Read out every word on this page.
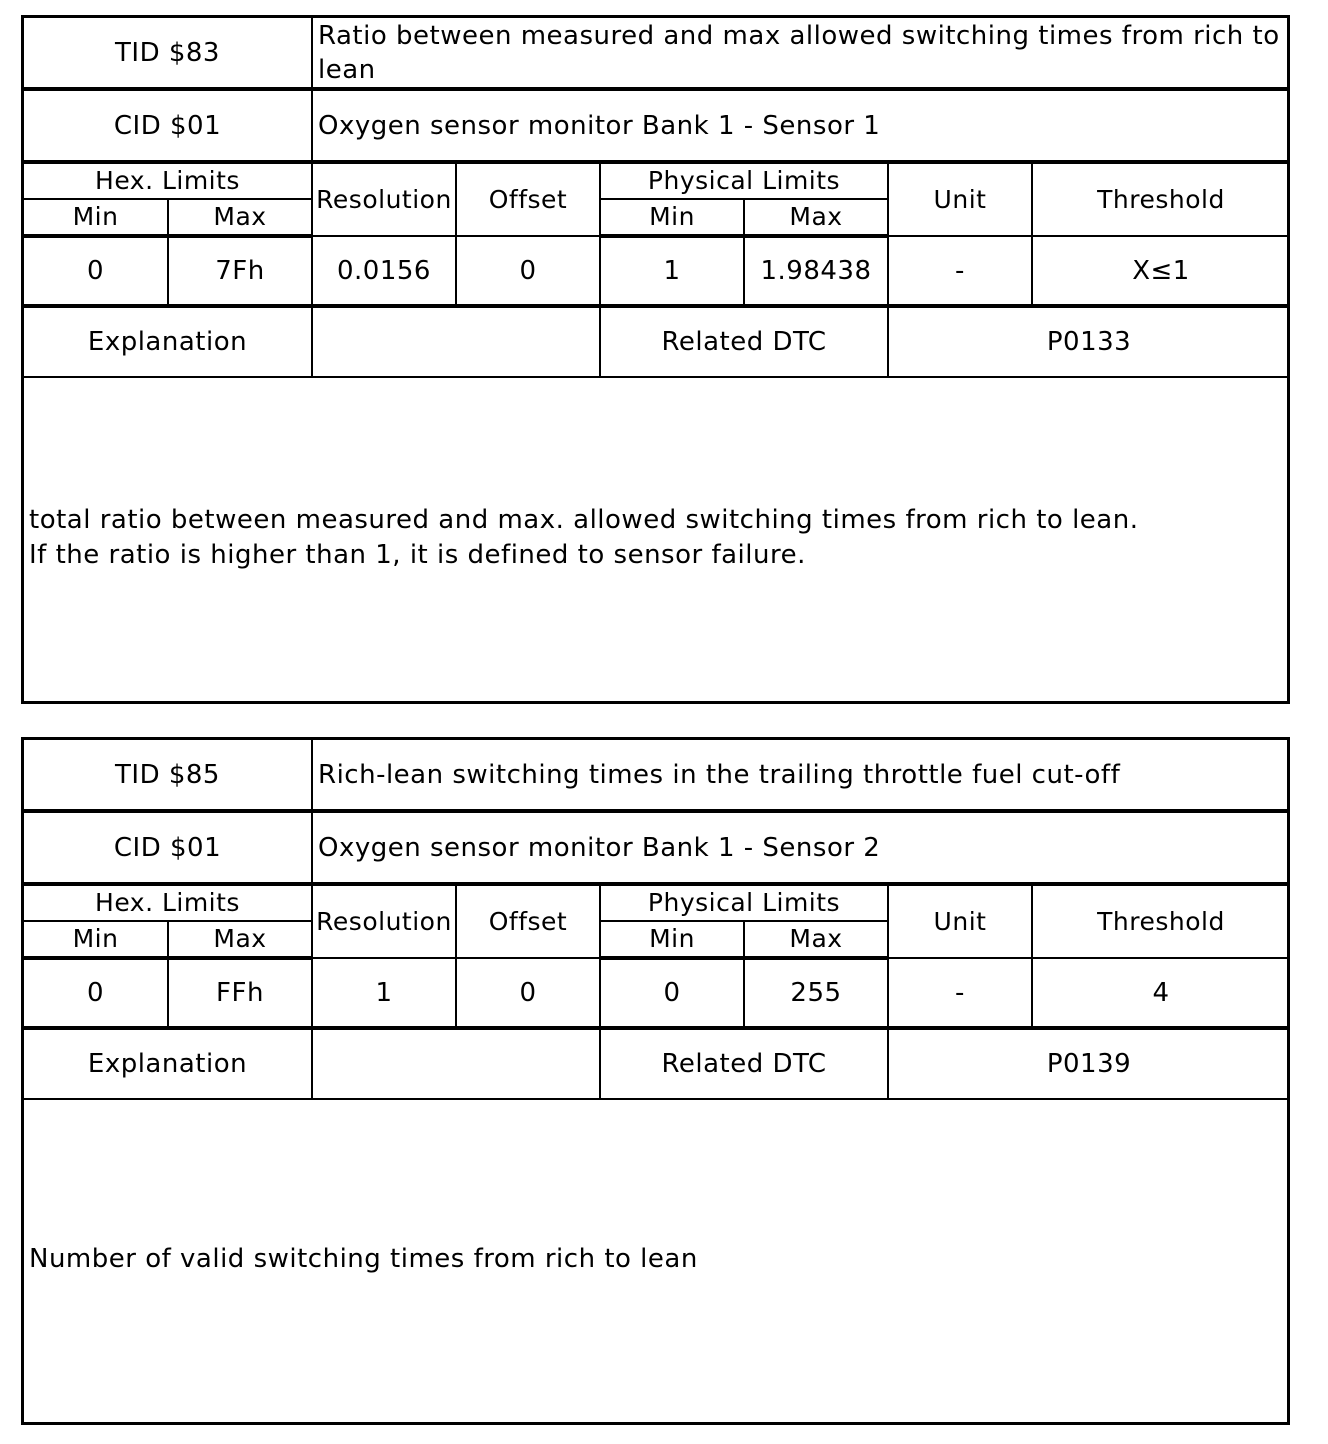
TID $83		Ratio between measured and max allowed switching times from rich to
lean					
CID $01		Oxygen sensor monitor Bank 1 - Sensor 1					
Hex. Limits		Resolution	Offset	Physical Limits		Unit	Threshold
Min	Max			Min	Max		
0	7Fh	0.0156	0	1	1.98438	-	X≤1
Explanation				Related DTC		P0133	

total ratio between measured and max. allowed switching times from rich to lean.
If the ratio is higher than 1, it is defined to sensor failure.							
TID $85		Rich-lean switching times in the trailing throttle fuel cut-off					
CID $01		Oxygen sensor monitor Bank 1 - Sensor 2					
Hex. Limits		Resolution	Offset	Physical Limits		Unit	Threshold
Min	Max			Min	Max		
0	FFh	1	0	0	255	-	4
Explanation				Related DTC		P0139	

Number of valid switching times from rich to lean							
